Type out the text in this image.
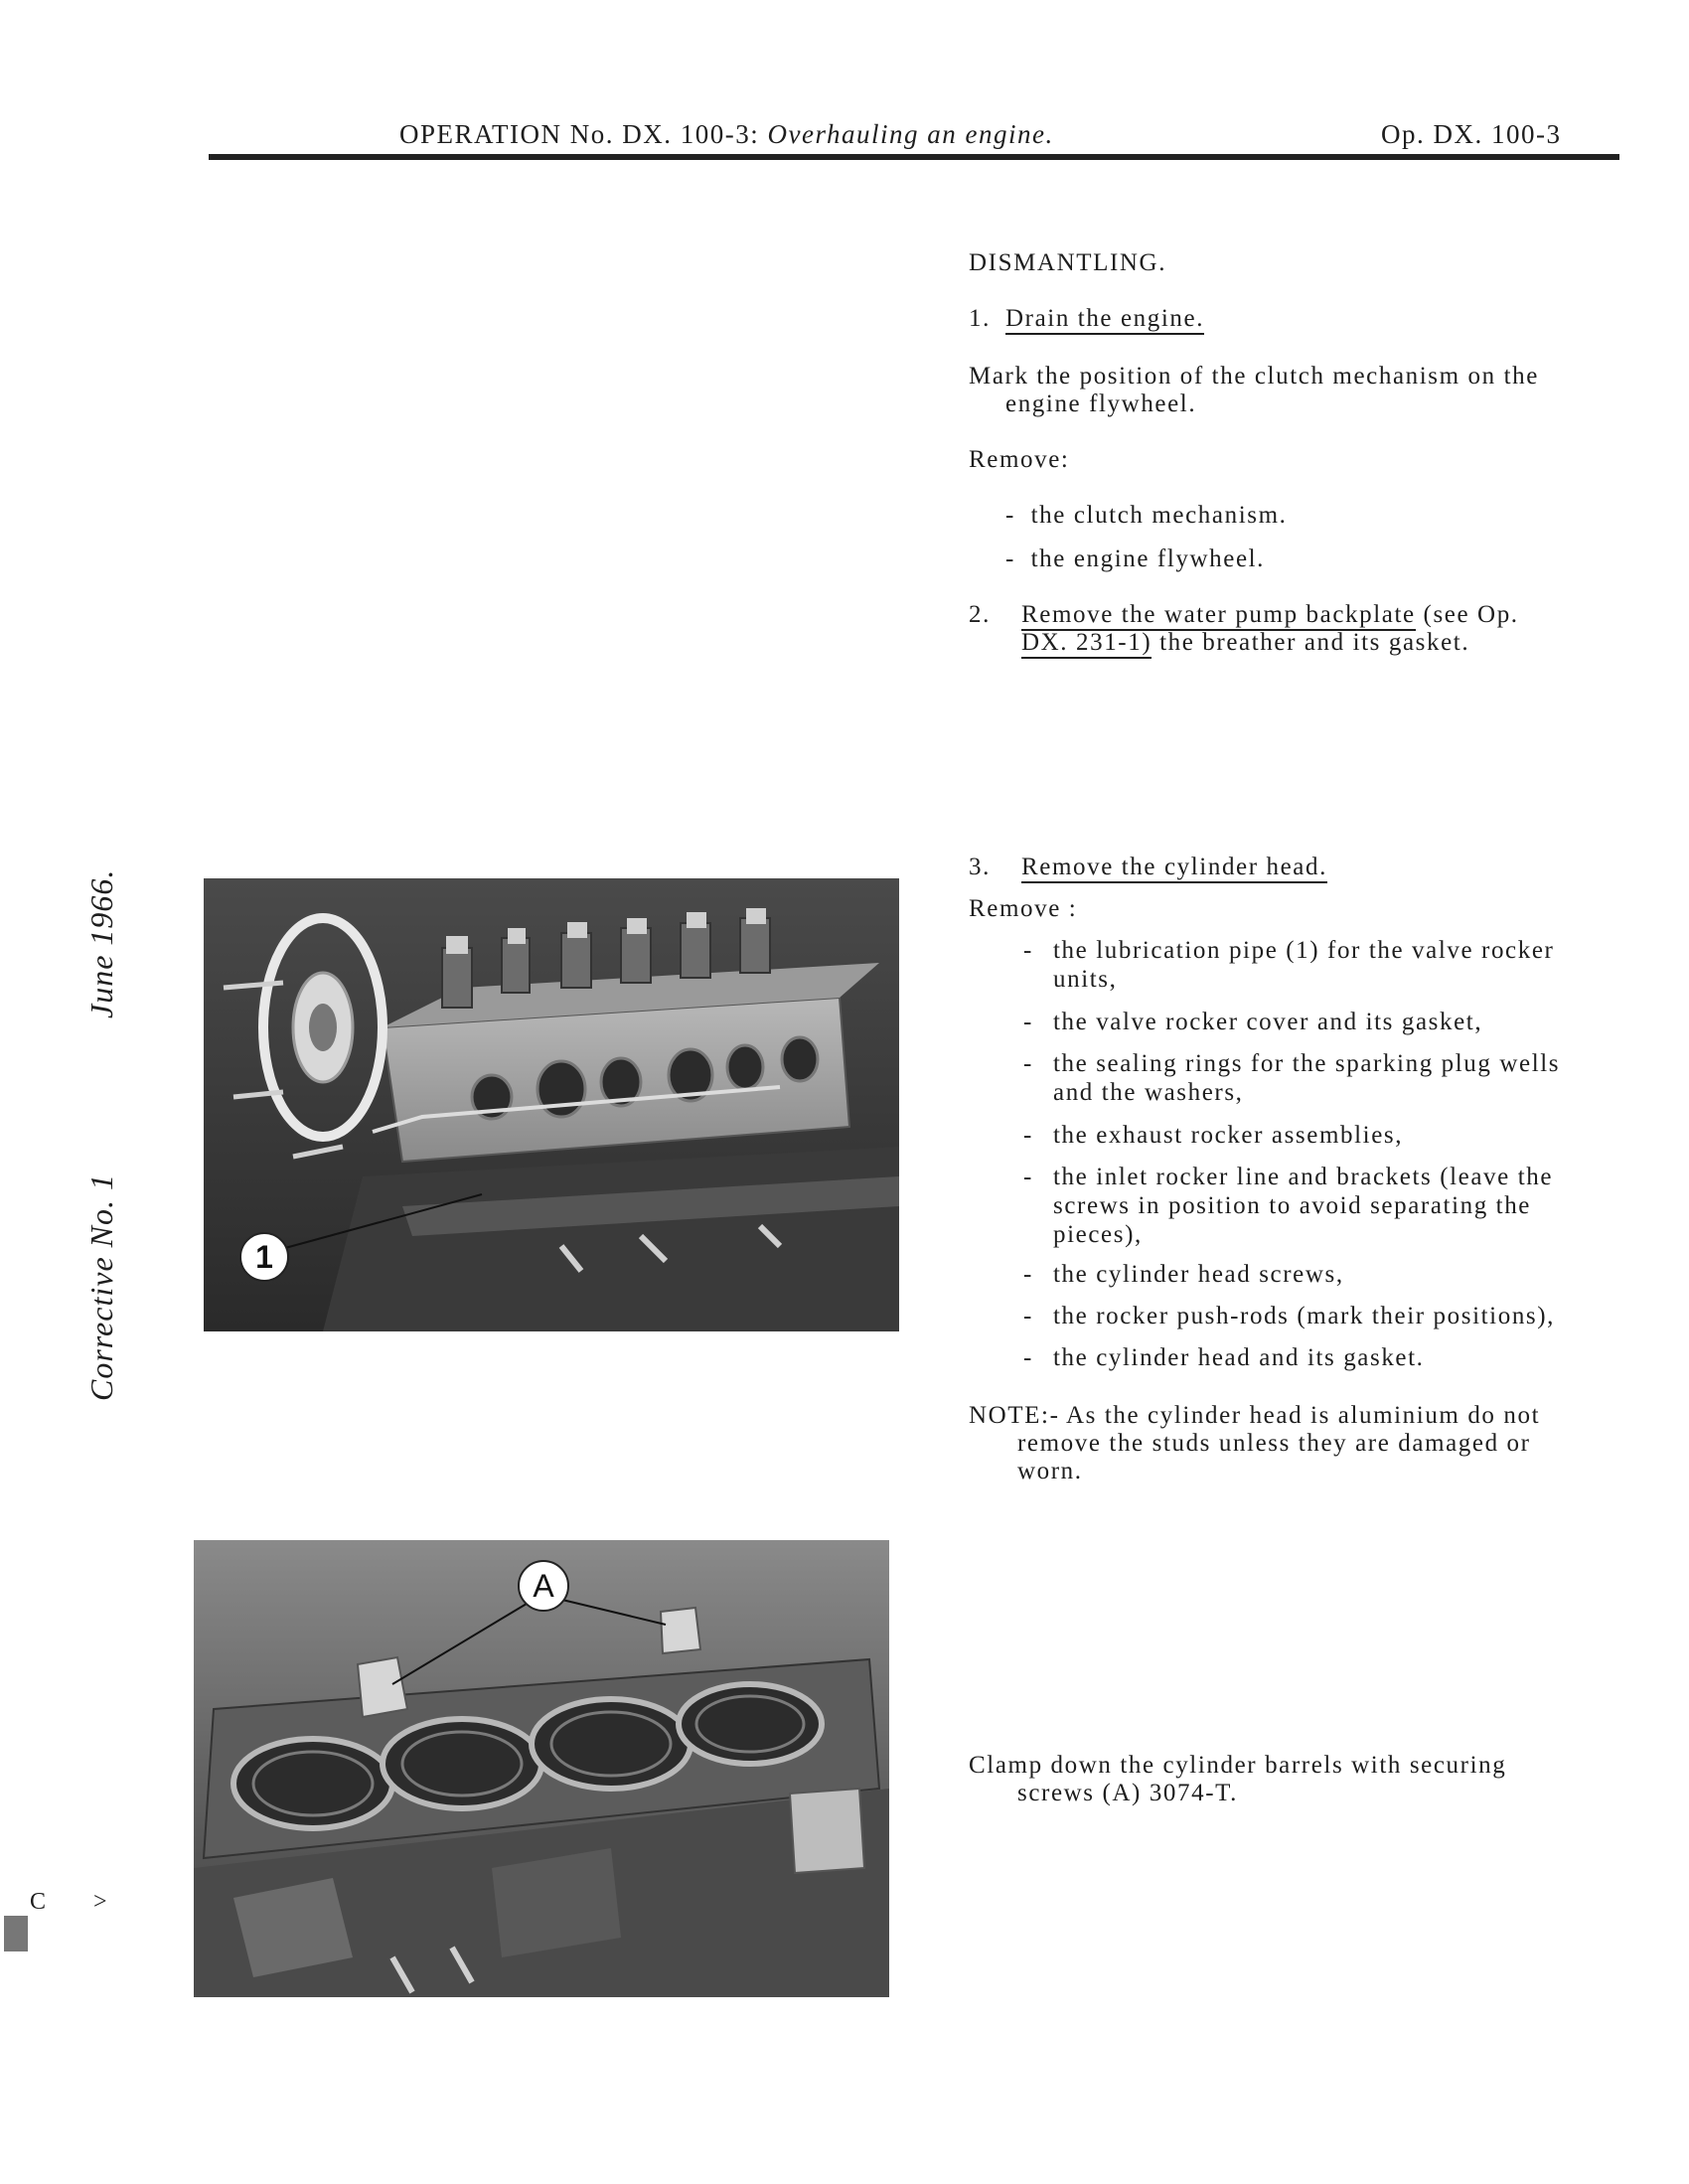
OPERATION No. DX. 100-3: Overhauling an engine.	Op. DX. 100-3
June 1966.
Corrective No. 1
C >
DISMANTLING.
1. Drain the engine.
Mark the position of the clutch mechanism on the
engine flywheel.
Remove:
-  the clutch mechanism.
-  the engine flywheel.
2. Remove the water pump backplate (see Op.
DX. 231-1) the breather and its gasket.
3. Remove the cylinder head.
Remove :
- the lubrication pipe (1) for the valve rocker
units,
- the valve rocker cover and its gasket,
- the sealing rings for the sparking plug wells
and the washers,
- the exhaust rocker assemblies,
- the inlet rocker line and brackets (leave the
screws in position to avoid separating the
pieces),
- the cylinder head screws,
- the rocker push-rods (mark their positions),
- the cylinder head and its gasket.
NOTE:- As the cylinder head is aluminium do not
remove the studs unless they are damaged or
worn.
Clamp down the cylinder barrels with securing
screws (A) 3074-T.
1
A
